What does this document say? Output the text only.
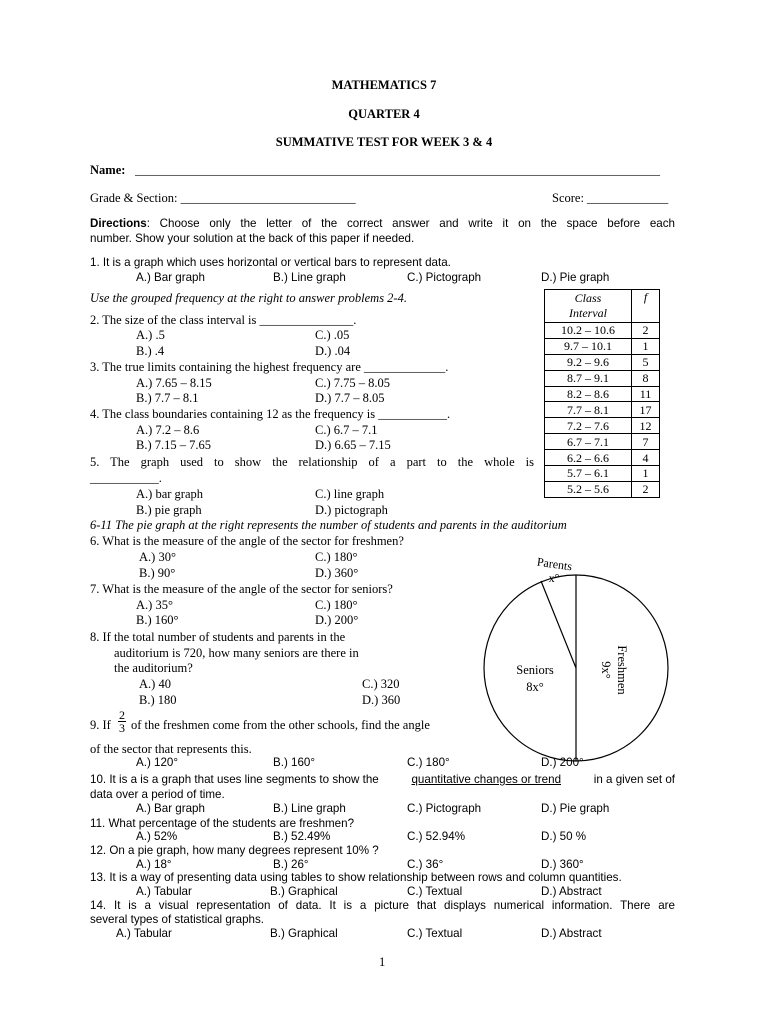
MATHEMATICS 7
QUARTER 4
SUMMATIVE TEST FOR WEEK 3 & 4
Name: ____________________________________________________________________________________
Grade & Section: ____________________________	Score: _____________
Directions: Choose only the letter of the correct answer and write it on the space before each
number. Show your solution at the back of this paper if needed.
1. It is a graph which uses horizontal or vertical bars to represent data.
A.) Bar graph	B.) Line graph	C.) Pictograph	D.) Pie graph
Use the grouped frequency at the right to answer problems 2-4.
2. The size of the class interval is _______________.
A.) .5	C.) .05
B.) .4	D.) .04
3. The true limits containing the highest frequency are _____________.
A.) 7.65 – 8.15	C.) 7.75 – 8.05
B.) 7.7 – 8.1	D.) 7.7 – 8.05
4. The class boundaries containing 12 as the frequency is ___________.
A.) 7.2 – 8.6	C.) 6.7 – 7.1
B.) 7.15 – 7.65	D.) 6.65 – 7.15
5. The graph used to show the relationship of a part to the whole is
___________.
A.) bar graph	C.) line graph
B.) pie graph	D.) pictograph
Class
Interval	f
10.2 – 10.6	2
9.7 – 10.1	1
9.2 – 9.6	5
8.7 – 9.1	8
8.2 – 8.6	11
7.7 – 8.1	17
7.2 – 7.6	12
6.7 – 7.1	7
6.2 – 6.6	4
5.7 – 6.1	1
5.2 – 5.6	2
6-11 The pie graph at the right represents the number of students and parents in the auditorium
6. What is the measure of the angle of the sector for freshmen?
A.) 30°	C.) 180°
B.) 90°	D.) 360°
7. What is the measure of the angle of the sector for seniors?
A.) 35°	C.) 180°
B.) 160°	D.) 200°
8. If the total number of students and parents in the
auditorium is 720, how many seniors are there in
the auditorium?
A.) 40	C.) 320
B.) 180	D.) 360
9. If $\frac{2}{3}$ of the freshmen come from the other schools, find the angle
of the sector that represents this.
A.) 120°	B.) 160°	C.) 180°	D.) 200°
Parents
x°
Seniors
8x°	Freshmen
9x°
10. It is a is a graph that uses line segments to show the	quantitative changes or trend	in a given set of
data over a period of time.
A.) Bar graph	B.) Line graph	C.) Pictograph	D.) Pie graph
11. What percentage of the students are freshmen?
A.) 52%	B.) 52.49%	C.) 52.94%	D.) 50 %
12. On a pie graph, how many degrees represent 10% ?
A.) 18°	B.) 26°	C.) 36°	D.) 360°
13. It is a way of presenting data using tables to show relationship between rows and column quantities.
A.) Tabular	B.) Graphical	C.) Textual	D.) Abstract
14. It is a visual representation of data. It is a picture that displays numerical information. There are
several types of statistical graphs.
A.) Tabular	B.) Graphical	C.) Textual	D.) Abstract
1
